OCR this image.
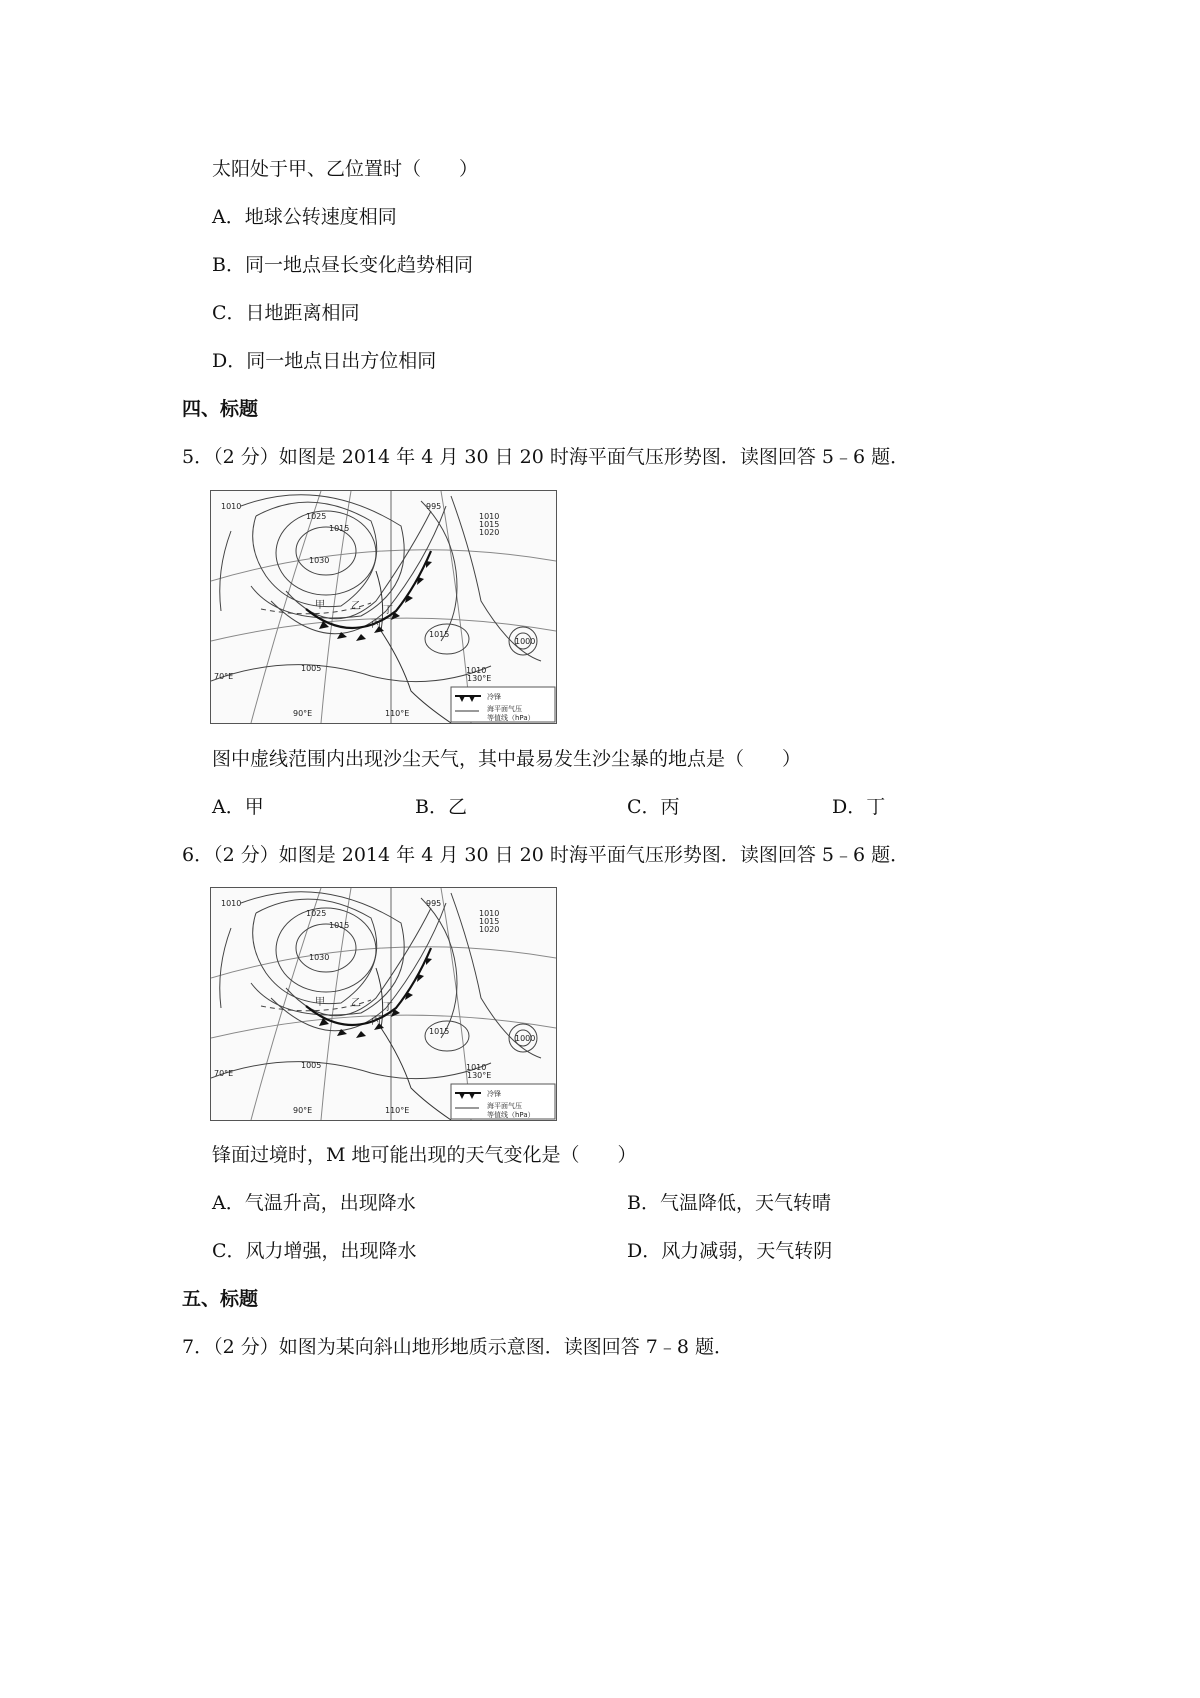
太阳处于甲、乙位置时（　　）
A．地球公转速度相同
B．同一地点昼长变化趋势相同
C．日地距离相同
D．同一地点日出方位相同
四、标题
5．（2 分）如图是 2014 年 4 月 30 日 20 时海平面气压形势图．读图回答 5﹣6 题．
1010
1025
1015
995
1010
1015
1020
1030
1015
1010
1005
1000
甲	乙
丙
丁
70°E
90°E	110°E
130°E
冷锋
海平面气压
等值线（hPa）
图中虚线范围内出现沙尘天气，其中最易发生沙尘暴的地点是（　　）
A．甲	B．乙	C．丙	D．丁
6．（2 分）如图是 2014 年 4 月 30 日 20 时海平面气压形势图．读图回答 5﹣6 题．
1010
1025
1015
995
1010
1015
1020
1030
1015
1010
1005
1000
甲	乙
丙
丁
70°E
90°E	110°E
130°E
冷锋
海平面气压
等值线（hPa）
锋面过境时，M 地可能出现的天气变化是（　　）
A．气温升高，出现降水	B．气温降低，天气转晴
C．风力增强，出现降水	D．风力减弱，天气转阴
五、标题
7．（2 分）如图为某向斜山地形地质示意图．读图回答 7﹣8 题．
